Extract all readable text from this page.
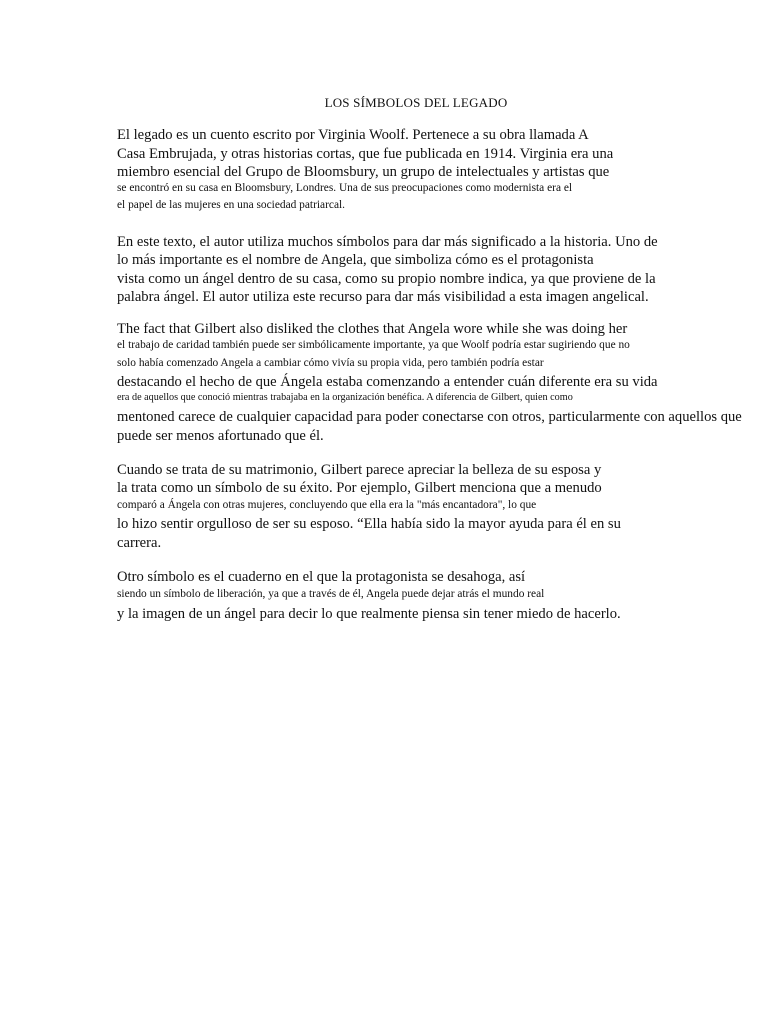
LOS SÍMBOLOS DEL LEGADO
El legado es un cuento escrito por Virginia Woolf. Pertenece a su obra llamada A
Casa Embrujada, y otras historias cortas, que fue publicada en 1914. Virginia era una
miembro esencial del Grupo de Bloomsbury, un grupo de intelectuales y artistas que
se encontró en su casa en Bloomsbury, Londres. Una de sus preocupaciones como modernista era el
el papel de las mujeres en una sociedad patriarcal.
En este texto, el autor utiliza muchos símbolos para dar más significado a la historia. Uno de
lo más importante es el nombre de Angela, que simboliza cómo es el protagonista
vista como un ángel dentro de su casa, como su propio nombre indica, ya que proviene de la
palabra ángel. El autor utiliza este recurso para dar más visibilidad a esta imagen angelical.
The fact that Gilbert also disliked the clothes that Angela wore while she was doing her
el trabajo de caridad también puede ser simbólicamente importante, ya que Woolf podría estar sugiriendo que no
solo había comenzado Angela a cambiar cómo vivía su propia vida, pero también podría estar
destacando el hecho de que Ángela estaba comenzando a entender cuán diferente era su vida
era de aquellos que conoció mientras trabajaba en la organización benéfica. A diferencia de Gilbert, quien como
mentoned carece de cualquier capacidad para poder conectarse con otros, particularmente con aquellos que
puede ser menos afortunado que él.
Cuando se trata de su matrimonio, Gilbert parece apreciar la belleza de su esposa y
la trata como un símbolo de su éxito. Por ejemplo, Gilbert menciona que a menudo
comparó a Ángela con otras mujeres, concluyendo que ella era la "más encantadora", lo que
lo hizo sentir orgulloso de ser su esposo. “Ella había sido la mayor ayuda para él en su
carrera.
Otro símbolo es el cuaderno en el que la protagonista se desahoga, así
siendo un símbolo de liberación, ya que a través de él, Angela puede dejar atrás el mundo real
y la imagen de un ángel para decir lo que realmente piensa sin tener miedo de hacerlo.
